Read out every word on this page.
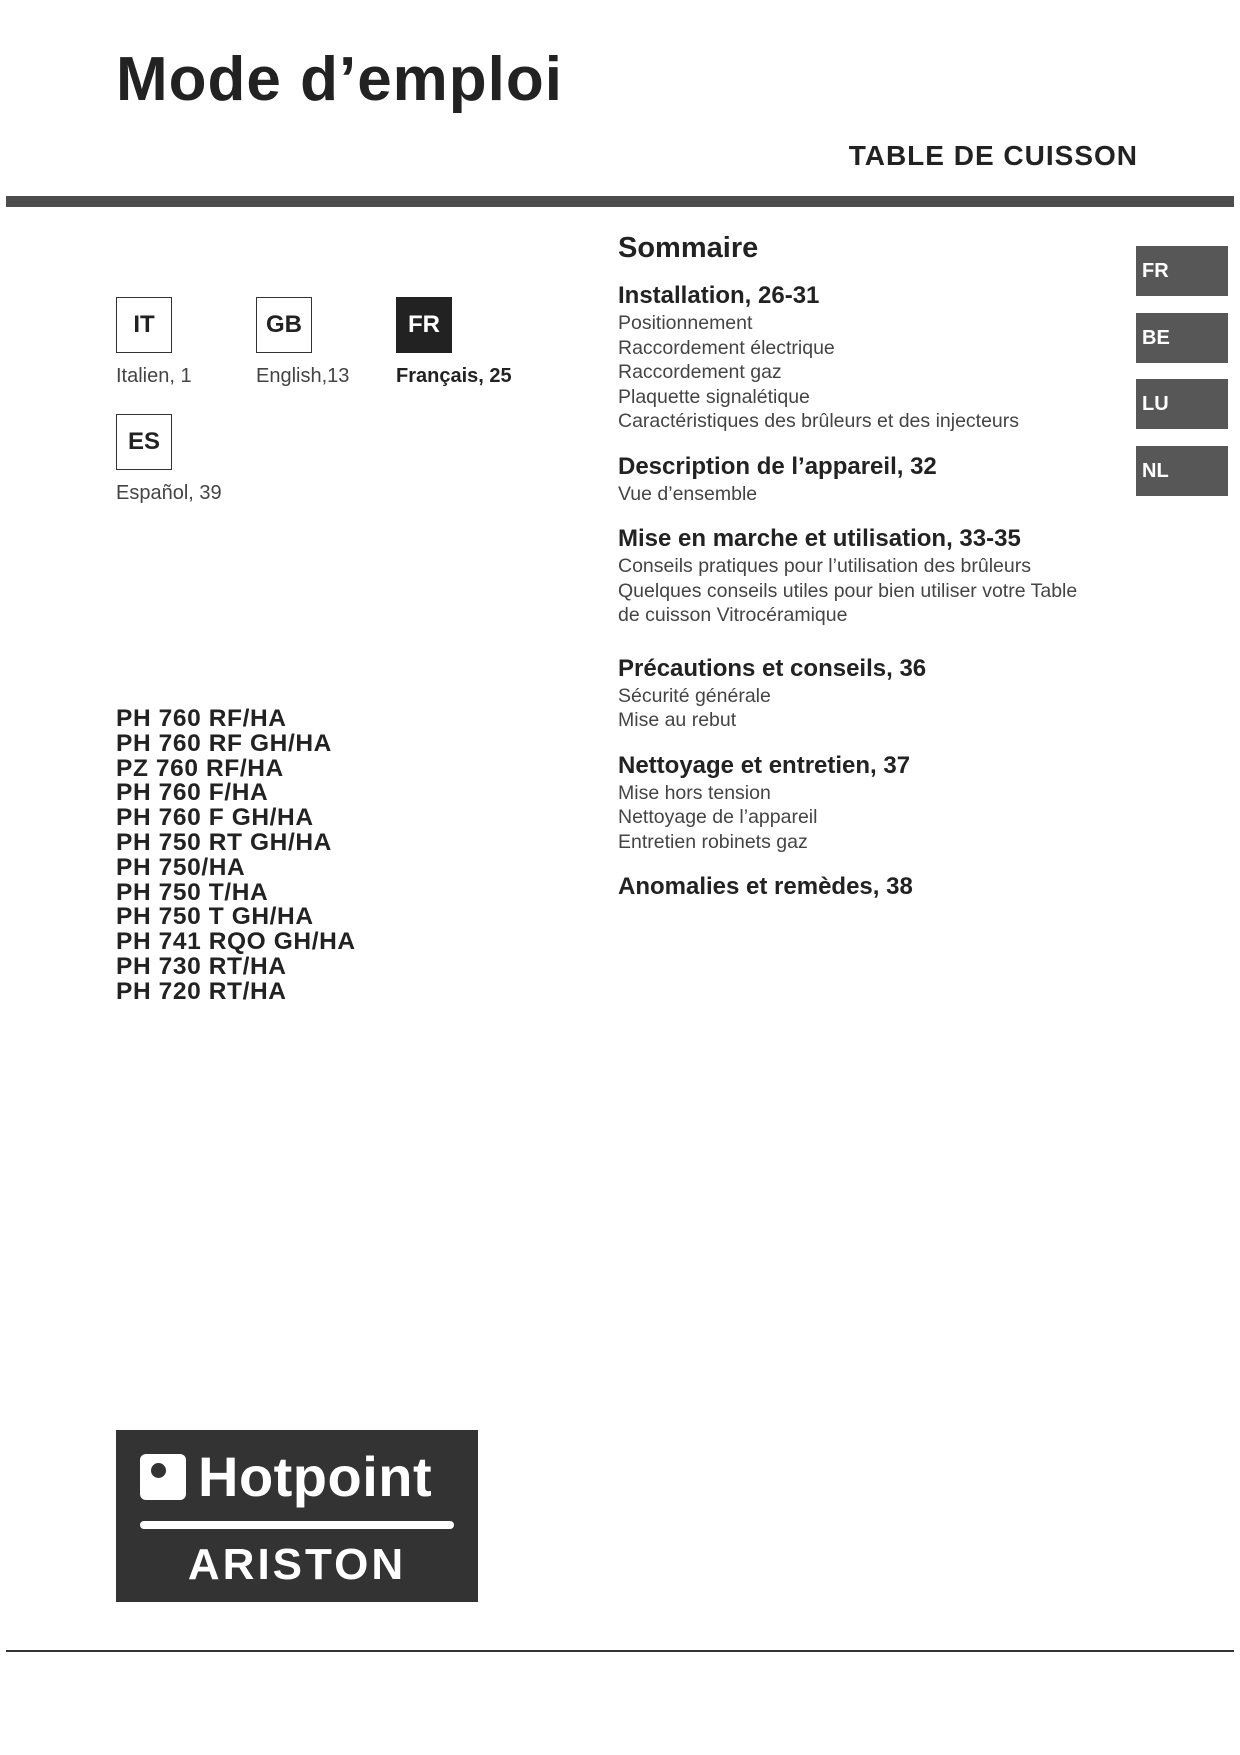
Mode d’emploi
TABLE DE CUISSON
IT
Italien, 1
GB
English,13
FR
Français, 25
ES
Español, 39
PH 760 RF/HA
PH 760 RF GH/HA
PZ 760 RF/HA
PH 760 F/HA
PH 760 F GH/HA
PH 750 RT GH/HA
PH 750/HA
PH 750 T/HA
PH 750 T GH/HA
PH 741 RQO GH/HA
PH 730 RT/HA
PH 720 RT/HA
Sommaire
Installation, 26-31
Positionnement
Raccordement électrique
Raccordement gaz
Plaquette signalétique
Caractéristiques des brûleurs et des injecteurs
Description de l’appareil, 32
Vue d’ensemble
Mise en marche et utilisation, 33-35
Conseils pratiques pour l’utilisation des brûleurs
Quelques conseils utiles pour bien utiliser votre Table
de cuisson Vitrocéramique
Précautions et conseils, 36
Sécurité générale
Mise au rebut
Nettoyage et entretien, 37
Mise hors tension
Nettoyage de l’appareil
Entretien robinets gaz
Anomalies et remèdes, 38
FR
BE
LU
NL
Hotpoint
ARISTON
